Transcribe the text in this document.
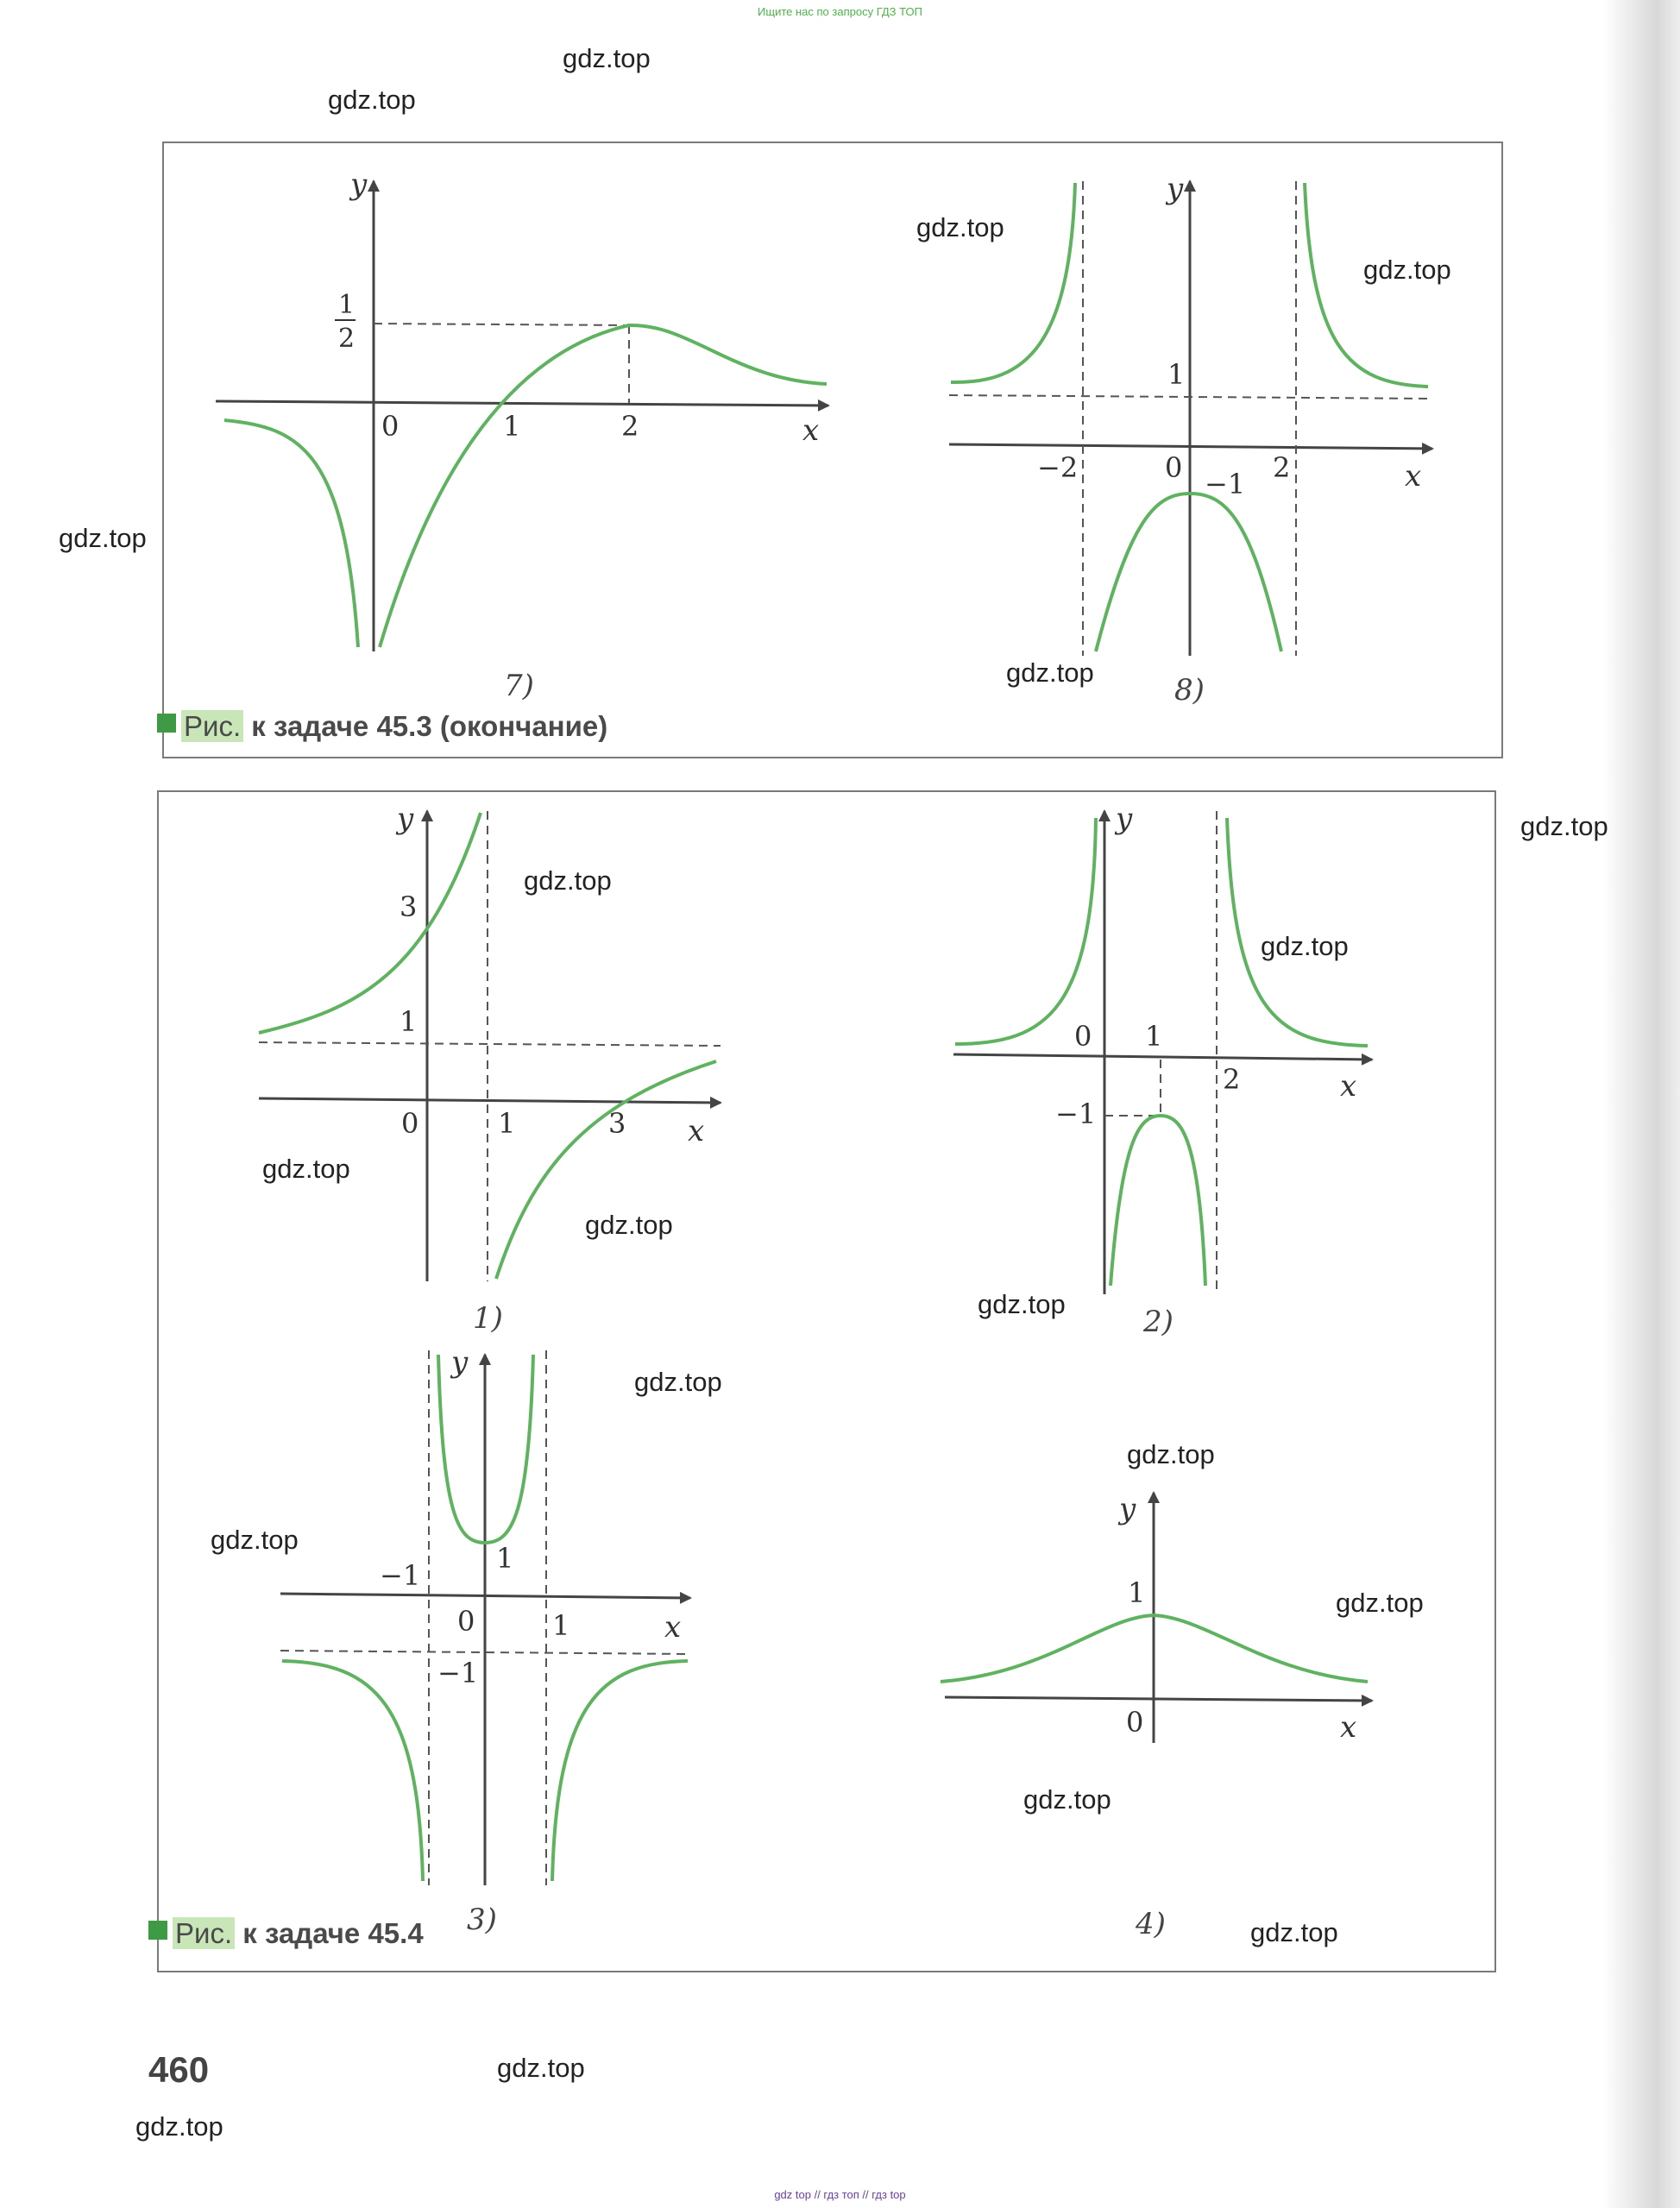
Ищите нас по запросу ГДЗ ТОП
gdz.top
gdz.top
gdz.top
gdz.top
gdz.top
gdz.top
gdz.top
gdz.top
gdz.top
gdz.top
gdz.top
gdz.top
gdz.top
gdz.top
gdz.top
gdz.top
gdz.top
gdz.top
gdz.top
gdz.top
y
x
0	1	2
1
2
7)
y
x
0
−2	2
1
−1
8)
Рис. к задаче 45.3 (окончание)
y
x
0	1	3
3
1
1)
y
x
0 1
2
−1
2)
y
x
0
−1
1
1
−1
3)
y
x
0
1
4)
Рис. к задаче 45.4
460
gdz top // гдз топ // гдз top
